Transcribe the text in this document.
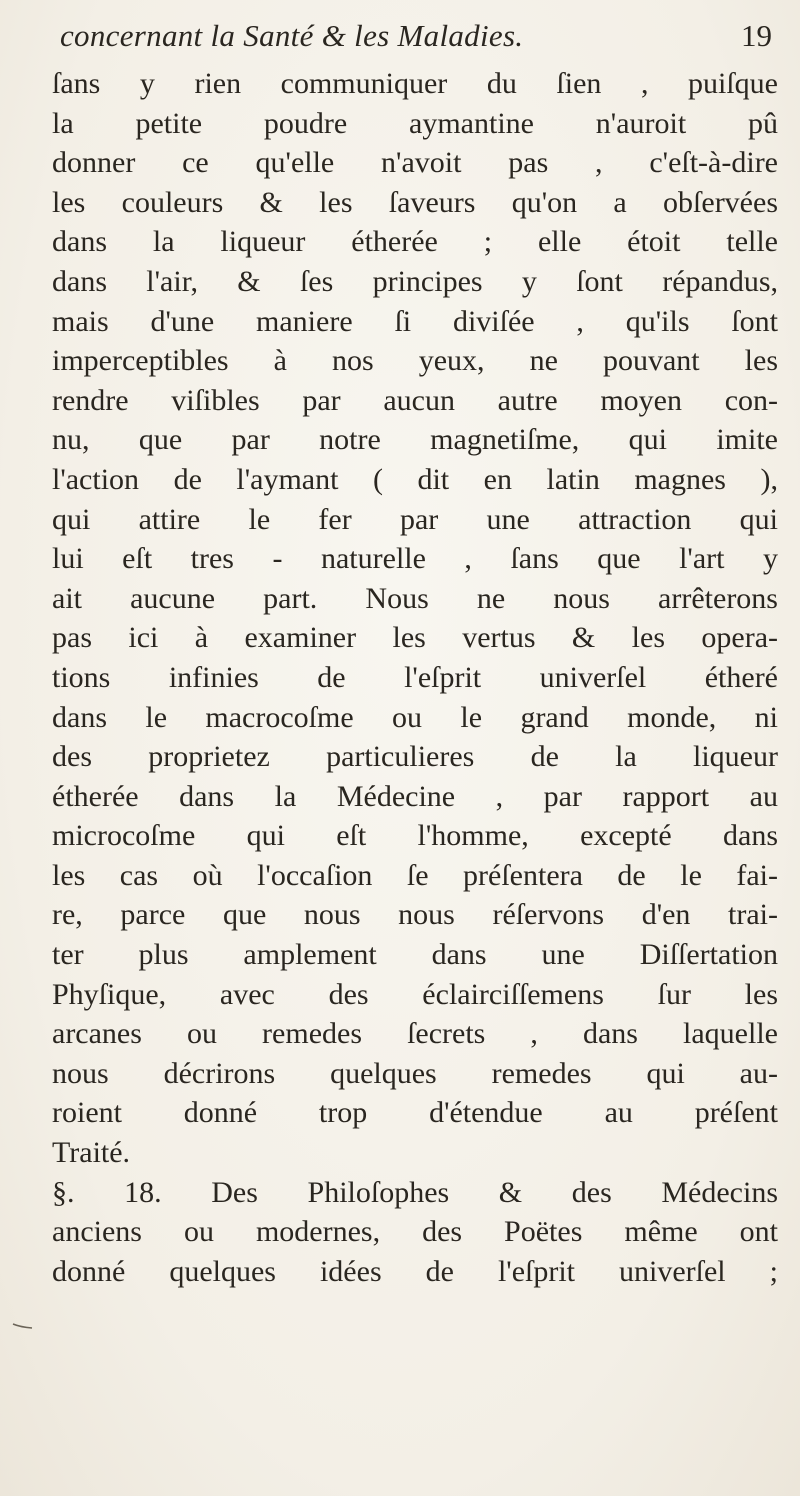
concernant la Santé & les Maladies.	19
ſans y rien communiquer du ſien , puiſque
la petite poudre aymantine n'auroit pû
donner ce qu'elle n'avoit pas , c'eſt-à-dire
les couleurs & les ſaveurs qu'on a obſervées
dans la liqueur étherée ; elle étoit telle
dans l'air, & ſes principes y ſont répandus,
mais d'une maniere ſi diviſée , qu'ils ſont
imperceptibles à nos yeux, ne pouvant les
rendre viſibles par aucun autre moyen con-
nu, que par notre magnetiſme, qui imite
l'action de l'aymant ( dit en latin magnes ),
qui attire le fer par une attraction qui
lui eſt tres - naturelle , ſans que l'art y
ait aucune part. Nous ne nous arrêterons
pas ici à examiner les vertus & les opera-
tions infinies de l'eſprit univerſel étheré
dans le macrocoſme ou le grand monde, ni
des proprietez particulieres de la liqueur
étherée dans la Médecine , par rapport au
microcoſme qui eſt l'homme, excepté dans
les cas où l'occaſion ſe préſentera de le fai-
re, parce que nous nous réſervons d'en trai-
ter plus amplement dans une Diſſertation
Phyſique, avec des éclairciſſemens ſur les
arcanes ou remedes ſecrets , dans laquelle
nous décrirons quelques remedes qui au-
roient donné trop d'étendue au préſent
Traité.
§. 18. Des Philoſophes & des Médecins
anciens ou modernes, des Poëtes même ont
donné quelques idées de l'eſprit univerſel ;
